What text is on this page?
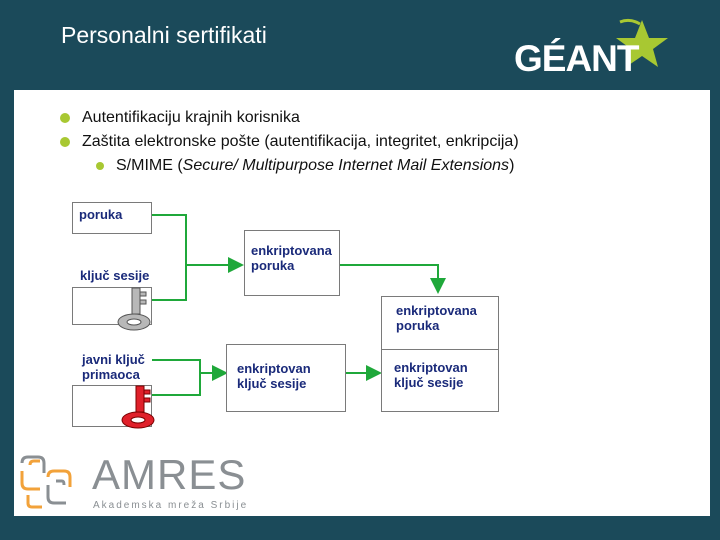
Personalni sertifikati
GÉANT
Autentifikaciju krajnih korisnika
Zaštita elektronske pošte (autentifikacija, integritet, enkripcija)
S/MIME (Secure/ Multipurpose Internet Mail Extensions)
poruka
ključ sesije
javni ključ
primaoca
enkriptovana
poruka
enkriptovan
ključ sesije
enkriptovana
poruka
enkriptovan
ključ sesije
AMRES
Akademska mreža Srbije
connect • communicate • collaborate
